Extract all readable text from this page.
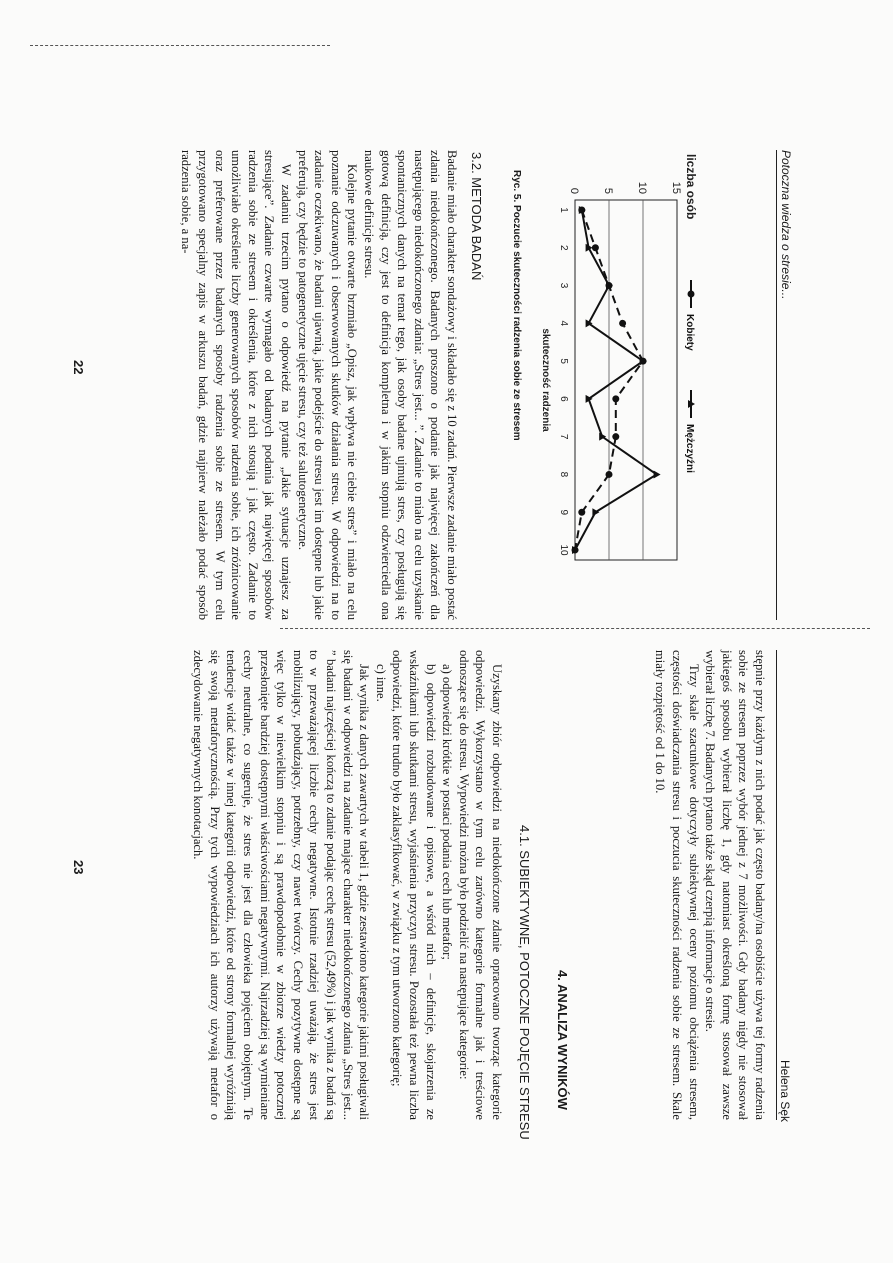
Potoczna wiedza o stresie...
0 5 10 15
1
2
3
4
5
6
7
8
9
10
liczba osób
skuteczność radzenia	Kobiety
Mężczyźni
Ryc. 5. Poczucie skuteczności radzenia sobie ze stresem
3.2. METODA BADAŃ

Badanie miało charakter sondażowy i składało się z 10 zadań. Pierwsze zadanie miało postać zdania niedokończonego. Badanych proszono o podanie jak najwięcej zakończeń dla następującego niedokończonego zdania: „Stres jest... ”. Zadanie to miało na celu uzyskanie spontanicznych danych na temat tego, jak osoby badane ujmują stres, czy posługują się gotową definicją, czy jest to definicja kompletna i w jakim stopniu odzwierciedla ona naukowe definicje stresu.

Kolejne pytanie otwarte brzmiało „Opisz, jak wpływa nie ciebie stres” i miało na celu poznanie odczuwanych i obserwowanych skutków działania stresu. W odpowiedzi na to zadanie oczekiwano, że badani ujawnią, jakie podejście do stresu jest im dostępne lub jakie preferują, czy będzie to patogenetyczne ujęcie stresu, czy też salutogenetyczne.

W zadaniu trzecim pytano o odpowiedź na pytanie „Jakie sytuacje uznajesz za stresujące”. Zadanie czwarte wymagało od badanych podania jak najwięcej sposobów radzenia sobie ze stresem i określenia, które z nich stosują i jak często. Zadanie to umożliwiało określenie liczby generowanych sposobów radzenia sobie, ich zróżnicowanie oraz preferowane przez badanych sposoby radzenia sobie ze stresem. W tym celu przygotowano specjalny zapis w arkuszu badań, gdzie najpierw należało podać sposób radzenia sobie, a na-

22
Helena Sęk

stępnie przy każdym z nich podać jak często badany/na osobiście używa tej formy radzenia sobie ze stresem poprzez wybór jednej z 7 możliwości. Gdy badany nigdy nie stosował jakiegoś sposobu wybierał liczbę 1, gdy natomiast określoną formę stosował zawsze wybierał liczbę 7. Badanych pytano także skąd czerpią informacje o stresie.

Trzy skale szacunkowe dotyczyły subiektywnej oceny poziomu obciążenia stresem, częstości doświadczania stresu i poczucia skuteczności radzenia sobie ze stresem. Skale miały rozpiętość od 1 do 10.

4. ANALIZA WYNIKÓW
4.1. SUBIEKTYWNE, POTOCZNE POJĘCIE STRESU

Uzyskany zbiór odpowiedzi na niedokończone zdanie opracowano tworząc kategorie odpowiedzi. Wykorzystano w tym celu zarówno kategorie formalne jak i treściowe odnoszące się do stresu. Wypowiedzi można było podzielić na następujące kategorie:

a) odpowiedzi krótkie w postaci podania cech lub metafor;

b) odpowiedzi rozbudowane i opisowe, a wśród nich – definicje, skojarzenia ze wskaźnikami lub skutkami stresu, wyjaśnienia przyczyn stresu. Pozostała też pewna liczba odpowiedzi, które trudno było zaklasyfikować, w związku z tym utworzono kategorię;

c) inne.

Jak wynika z danych zawartych w tabeli 1, gdzie zestawiono kategorie jakimi posługiwali się badani w odpowiedzi na zadanie mające charakter niedokończonego zdania „Stres jest... ” badani najczęściej kończą to zdanie podając cechę stresu (52,49%) i jak wynika z badań są to w przeważającej liczbie cechy negatywne. Istotnie rzadziej uważają, że stres jest mobilizujący, pobudzający, potrzebny, czy nawet twórczy. Cechy pozytywne dostępne są więc tylko w niewielkim stopniu i są prawdopodobnie w zbiorze wiedzy potocznej przesłonięte bardziej dostępnymi właściwościami negatywnymi. Najrzadziej są wymieniane cechy neutralne, co sugeruje, że stres nie jest dla człowieka pojęciem obojętnym. Te tendencje widać także w innej kategorii odpowiedzi, które od strony formalnej wyróżniają się swoją metaforycznością. Przy tych wypowiedziach ich autorzy używają metafor o zdecydowanie negatywnych konotacjach.

23
